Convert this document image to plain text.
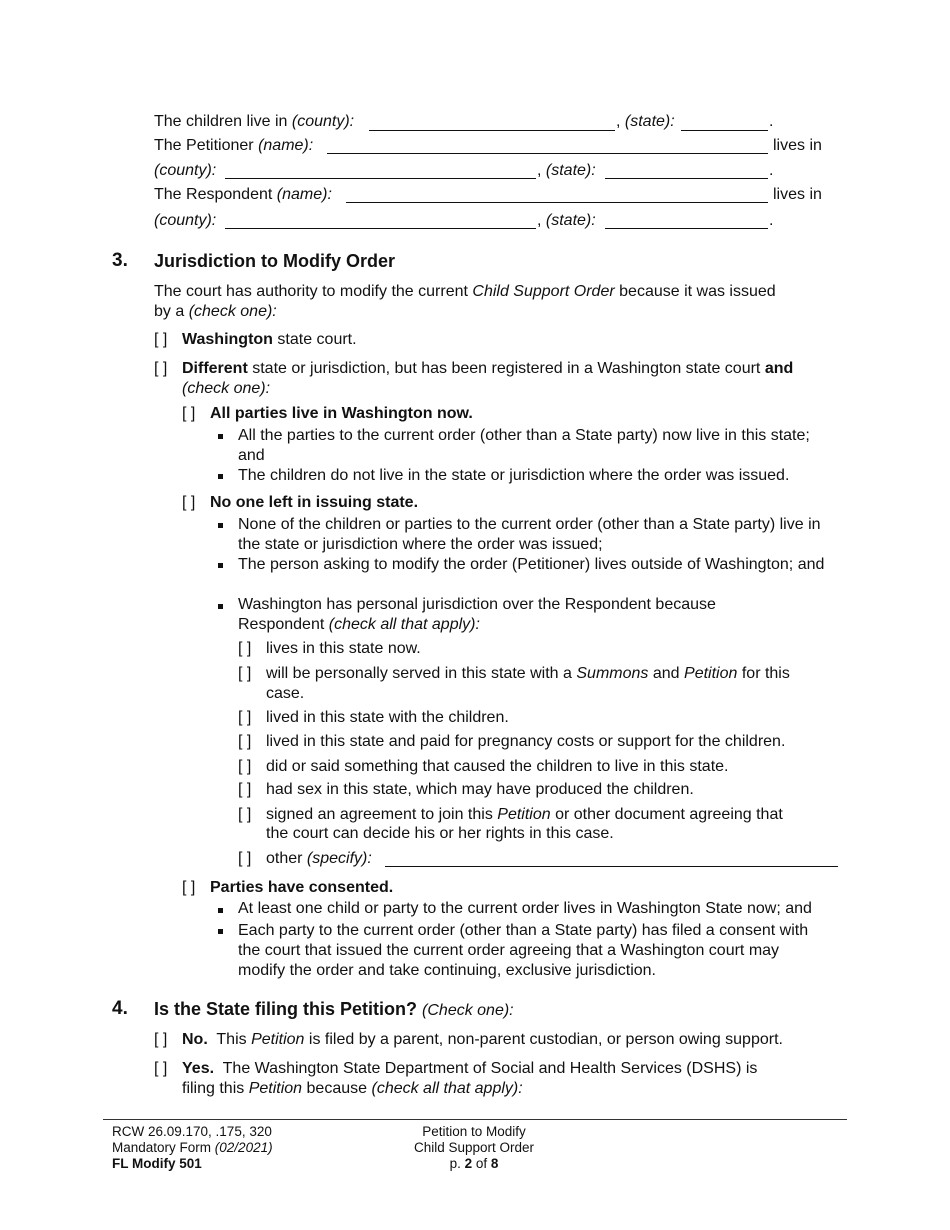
The children live in (county):	, (state):	.
The Petitioner (name):	lives in
(county):	, (state):	.
The Respondent (name):	lives in
(county):	, (state):	.
3. Jurisdiction to Modify Order
The court has authority to modify the current Child Support Order because it was issued
by a (check one):
[ ] Washington state court.
[ ] Different state or jurisdiction, but has been registered in a Washington state court and
(check one):
[ ] All parties live in Washington now.
All the parties to the current order (other than a State party) now live in this state; and
The children do not live in the state or jurisdiction where the order was issued.
[ ] No one left in issuing state.
None of the children or parties to the current order (other than a State party) live in the state or jurisdiction where the order was issued;
The person asking to modify the order (Petitioner) lives outside of Washington; and
Washington has personal jurisdiction over the Respondent because
Respondent (check all that apply):
[ ] lives in this state now.
[ ] will be personally served in this state with a Summons and Petition for this
case.
[ ] lived in this state with the children.
[ ] lived in this state and paid for pregnancy costs or support for the children.
[ ] did or said something that caused the children to live in this state.
[ ] had sex in this state, which may have produced the children.
[ ] signed an agreement to join this Petition or other document agreeing that
the court can decide his or her rights in this case.
[ ] other (specify):
[ ] Parties have consented.
At least one child or party to the current order lives in Washington State now; and
Each party to the current order (other than a State party) has filed a consent with the court that issued the current order agreeing that a Washington court may modify the order and take continuing, exclusive jurisdiction.
4. Is the State filing this Petition? (Check one):
[ ] No. This Petition is filed by a parent, non-parent custodian, or person owing support.
[ ] Yes. The Washington State Department of Social and Health Services (DSHS) is
filing this Petition because (check all that apply):
RCW 26.09.170, .175, 320
Mandatory Form (02/2021)
FL Modify 501
Petition to Modify
Child Support Order
p. 2 of 8
